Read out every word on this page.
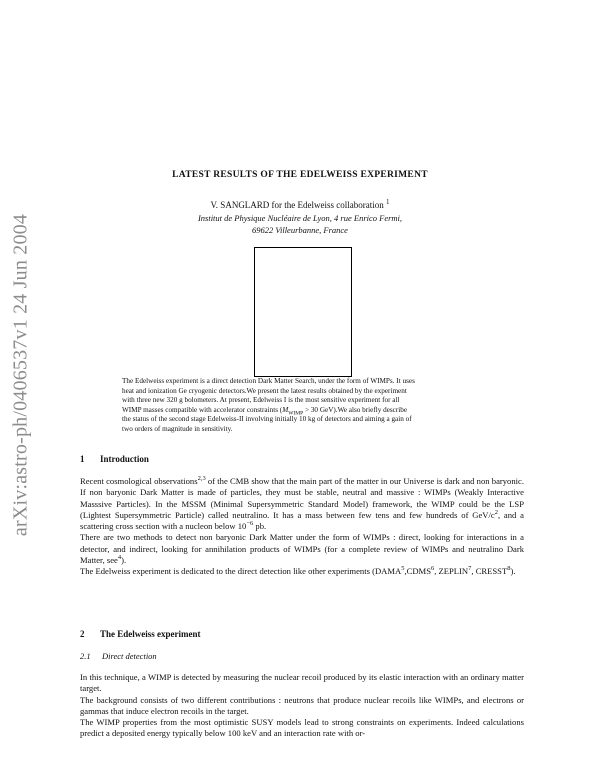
arXiv:astro-ph/0406537v1 24 Jun 2004
LATEST RESULTS OF THE EDELWEISS EXPERIMENT
V. SANGLARD for the Edelweiss collaboration $^1$
Institut de Physique Nucléaire de Lyon, 4 rue Enrico Fermi,
69622 Villeurbanne, France
The Edelweiss experiment is a direct detection Dark Matter Search, under the form of WIMPs. It uses
heat and ionization Ge cryogenic detectors.We present the latest results obtained by the experiment
with three new 320 g bolometers. At present, Edelweiss I is the most sensitive experiment for all
WIMP masses compatible with accelerator constraints ($M_{WIMP} > 30$ GeV).We also briefly describe
the status of the second stage Edelweiss-II involving initially 10 kg of detectors and aiming a gain of
two orders of magnitude in sensitivity.
1 Introduction

Recent cosmological observations$^{2,3}$ of the CMB show that the main part of the matter in our Universe is dark and non baryonic. If non baryonic Dark Matter is made of particles, they must be stable, neutral and massive : WIMPs (Weakly Interactive Masssive Particles). In the MSSM (Minimal Supersymmetric Standard Model) framework, the WIMP could be the LSP (Lightest Supersymmetric Particle) called neutralino. It has a mass between few tens and few hundreds of GeV/$c^2$, and a scattering cross section with a nucleon below $10^{-6}$ pb.

There are two methods to detect non baryonic Dark Matter under the form of WIMPs : direct, looking for interactions in a detector, and indirect, looking for annihilation products of WIMPs (for a complete review of WIMPs and neutralino Dark Matter, see$^4$).

The Edelweiss experiment is dedicated to the direct detection like other experiments (DAMA$^5$,CDMS$^6$, ZEPLIN$^7$, CRESST$^8$).

2 The Edelweiss experiment
2.1 Direct detection

In this technique, a WIMP is detected by measuring the nuclear recoil produced by its elastic interaction with an ordinary matter target.

The background consists of two different contributions : neutrons that produce nuclear recoils like WIMPs, and electrons or gammas that induce electron recoils in the target.

The WIMP properties from the most optimistic SUSY models lead to strong constraints on experiments. Indeed calculations predict a deposited energy typically below 100 keV and an interaction rate with or-
